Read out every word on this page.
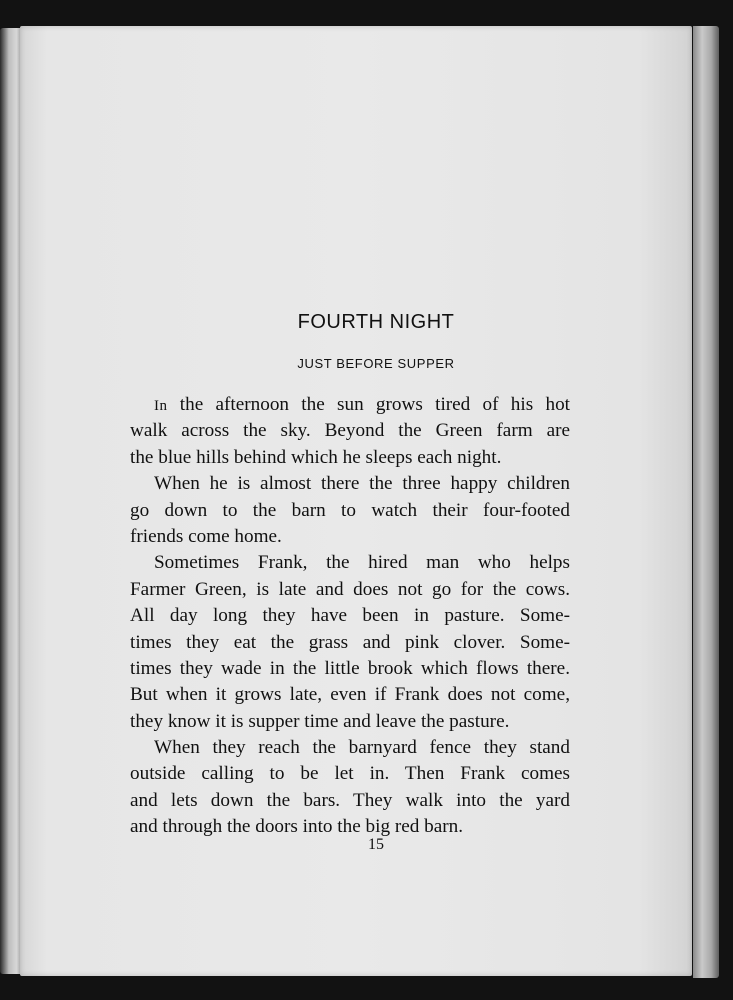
FOURTH NIGHT
JUST BEFORE SUPPER
In the afternoon the sun grows tired of his hot
walk across the sky. Beyond the Green farm are
the blue hills behind which he sleeps each night.
When he is almost there the three happy children
go down to the barn to watch their four-footed
friends come home.
Sometimes Frank, the hired man who helps
Farmer Green, is late and does not go for the cows.
All day long they have been in pasture. Some-
times they eat the grass and pink clover. Some-
times they wade in the little brook which flows there.
But when it grows late, even if Frank does not come,
they know it is supper time and leave the pasture.
When they reach the barnyard fence they stand
outside calling to be let in. Then Frank comes
and lets down the bars. They walk into the yard
and through the doors into the big red barn.
15
